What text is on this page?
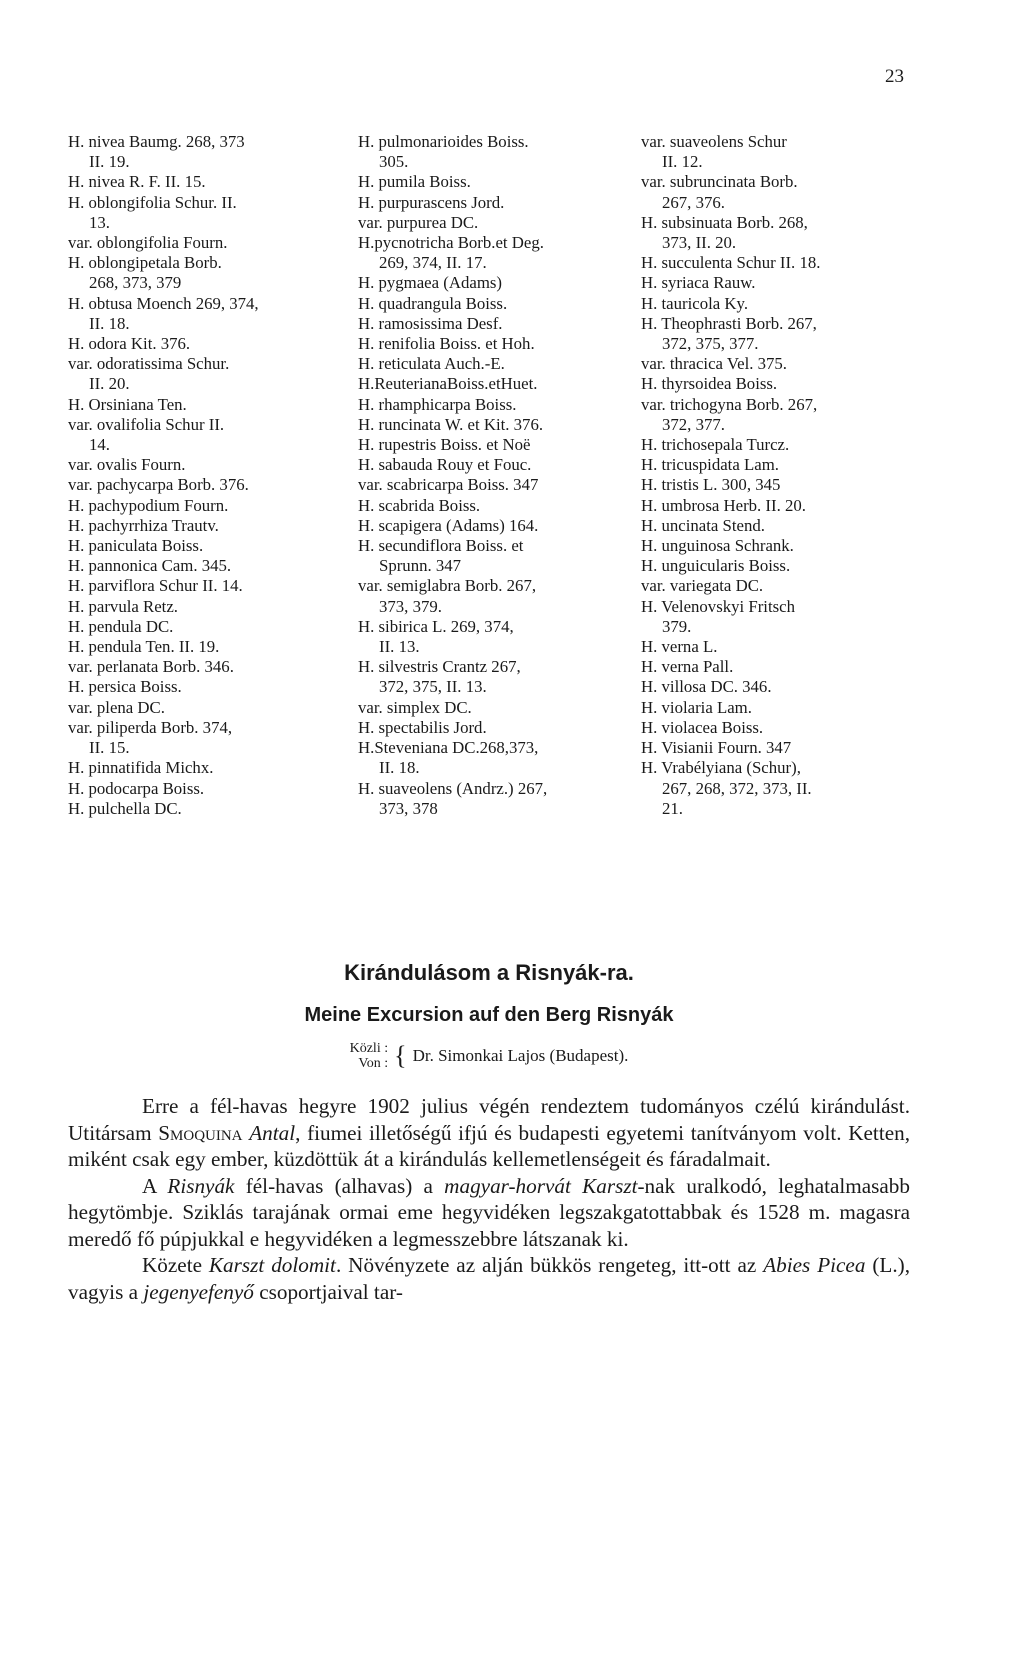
23
H. nivea Baumg. 268, 373
II. 19.
H. nivea R. F. II. 15.
H. oblongifolia Schur. II.
13.
var. oblongifolia Fourn.
H. oblongipetala Borb.
268, 373, 379
H. obtusa Moench 269, 374,
II. 18.
H. odora Kit. 376.
var. odoratissima Schur.
II. 20.
H. Orsiniana Ten.
var. ovalifolia Schur II.
14.
var. ovalis Fourn.
var. pachycarpa Borb. 376.
H. pachypodium Fourn.
H. pachyrrhiza Trautv.
H. paniculata Boiss.
H. pannonica Cam. 345.
H. parviflora Schur II. 14.
H. parvula Retz.
H. pendula DC.
H. pendula Ten. II. 19.
var. perlanata Borb. 346.
H. persica Boiss.
var. plena DC.
var. piliperda Borb. 374,
II. 15.
H. pinnatifida Michx.
H. podocarpa Boiss.
H. pulchella DC.
H. pulmonarioides Boiss.
305.
H. pumila Boiss.
H. purpurascens Jord.
var. purpurea DC.
H.pycnotricha Borb.et Deg.
269, 374, II. 17.
H. pygmaea (Adams)
H. quadrangula Boiss.
H. ramosissima Desf.
H. renifolia Boiss. et Hoh.
H. reticulata Auch.-E.
H.ReuterianaBoiss.etHuet.
H. rhamphicarpa Boiss.
H. runcinata W. et Kit. 376.
H. rupestris Boiss. et Noë
H. sabauda Rouy et Fouc.
var. scabricarpa Boiss. 347
H. scabrida Boiss.
H. scapigera (Adams) 164.
H. secundiflora Boiss. et
Sprunn. 347
var. semiglabra Borb. 267,
373, 379.
H. sibirica L. 269, 374,
II. 13.
H. silvestris Crantz 267,
372, 375, II. 13.
var. simplex DC.
H. spectabilis Jord.
H.Steveniana DC.268,373,
II. 18.
H. suaveolens (Andrz.) 267,
373, 378
var. suaveolens Schur
II. 12.
var. subruncinata Borb.
267, 376.
H. subsinuata Borb. 268,
373, II. 20.
H. succulenta Schur II. 18.
H. syriaca Rauw.
H. tauricola Ky.
H. Theophrasti Borb. 267,
372, 375, 377.
var. thracica Vel. 375.
H. thyrsoidea Boiss.
var. trichogyna Borb. 267,
372, 377.
H. trichosepala Turcz.
H. tricuspidata Lam.
H. tristis L. 300, 345
H. umbrosa Herb. II. 20.
H. uncinata Stend.
H. unguinosa Schrank.
H. unguicularis Boiss.
var. variegata DC.
H. Velenovskyi Fritsch
379.
H. verna L.
H. verna Pall.
H. villosa DC. 346.
H. violaria Lam.
H. violacea Boiss.
H. Visianii Fourn. 347
H. Vrabélyiana (Schur),
267, 268, 372, 373, II.
21.
Kirándulásom a Risnyák-ra.
Meine Excursion auf den Berg Risnyák
Közli :
Von : { Dr. Simonkai Lajos (Budapest).

Erre a fél-havas hegyre 1902 julius végén rendeztem tudományos czélú kirándulást. Utitársam Smoquina Antal, fiumei illetőségű ifjú és budapesti egyetemi tanítványom volt. Ketten, miként csak egy ember, küzdöttük át a kirándulás kellemetlenségeit és fáradalmait.

A Risnyák fél-havas (alhavas) a magyar-horvát Karszt-nak uralkodó, leghatalmasabb hegytömbje. Sziklás tarajának ormai eme hegyvidéken legszakgatottabbak és 1528 m. magasra meredő fő púpjukkal e hegyvidéken a legmesszebbre látszanak ki.

Közete Karszt dolomit. Növényzete az alján bükkös rengeteg, itt-ott az Abies Picea (L.), vagyis a jegenyefenyő csoportjaival tar-
